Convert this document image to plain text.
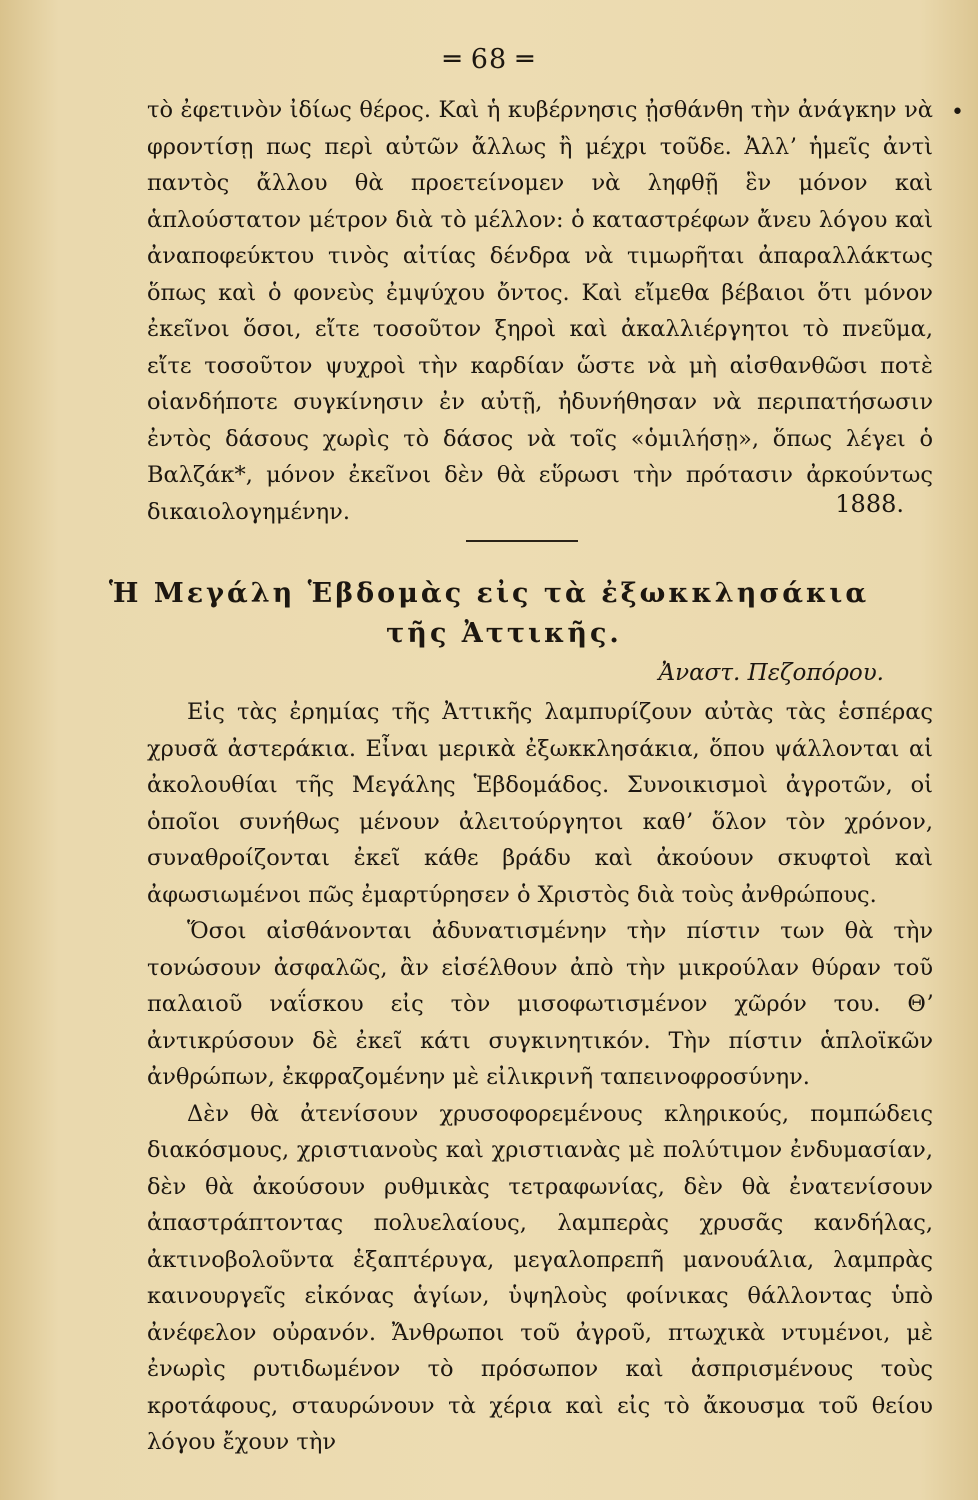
═ 68 ═
•

τὸ ἐφετινὸν ἰδίως θέρος. Καὶ ἡ κυβέρνησις ᾐσθάνθη τὴν ἀνάγκην νὰ φροντίσῃ πως περὶ αὐτῶν ἄλλως ἢ μέχρι τοῦδε. Ἀλλʼ ἡμεῖς ἀντὶ παντὸς ἄλλου θὰ προετείνομεν νὰ ληφθῇ ἓν μόνον καὶ ἁπλούστατον μέτρον διὰ τὸ μέλλον: ὁ καταστρέφων ἄνευ λόγου καὶ ἀναποφεύκτου τινὸς αἰτίας δένδρα νὰ τιμωρῆται ἀπαραλλάκτως ὅπως καὶ ὁ φονεὺς ἐμψύχου ὄντος. Καὶ εἴμεθα βέβαιοι ὅτι μόνον ἐκεῖνοι ὅσοι, εἴτε τοσοῦτον ξηροὶ καὶ ἀκαλλιέργητοι τὸ πνεῦμα, εἴτε τοσοῦτον ψυχροὶ τὴν καρδίαν ὥστε νὰ μὴ αἰσθανθῶσι ποτὲ οἱανδήποτε συγκίνησιν ἐν αὐτῇ, ἠδυνήθησαν νὰ περιπατήσωσιν ἐντὸς δάσους χωρὶς τὸ δάσος νὰ τοῖς «ὁμιλήσῃ», ὅπως λέγει ὁ Βαλζάκ*, μόνον ἐκεῖνοι δὲν θὰ εὕρωσι τὴν πρότασιν ἀρκούντως δικαιολογημένην.	1888.
Ἡ Μεγάλη Ἑβδομὰς εἰς τὰ ἐξωκκλησάκια
τῆς Ἀττικῆς.
Ἀναστ. Πεζοπόρου.

Εἰς τὰς ἐρημίας τῆς Ἀττικῆς λαμπυρίζουν αὐτὰς τὰς ἑσπέρας χρυσᾶ ἀστεράκια. Εἶναι μερικὰ ἐξωκκλησάκια, ὅπου ψάλλονται αἱ ἀκολουθίαι τῆς Μεγάλης Ἑβδομάδος. Συνοικισμοὶ ἀγροτῶν, οἱ ὁποῖοι συνήθως μένουν ἀλειτούργητοι καθʼ ὅλον τὸν χρόνον, συναθροίζονται ἐκεῖ κάθε βράδυ καὶ ἀκούουν σκυφτοὶ καὶ ἀφωσιωμένοι πῶς ἐμαρτύρησεν ὁ Χριστὸς διὰ τοὺς ἀνθρώπους.

Ὅσοι αἰσθάνονται ἀδυνατισμένην τὴν πίστιν των θὰ τὴν τονώσουν ἀσφαλῶς, ἂν εἰσέλθουν ἀπὸ τὴν μικρούλαν θύραν τοῦ παλαιοῦ ναΐσκου εἰς τὸν μισοφωτισμένον χῶρόν του. Θʼ ἀντικρύσουν δὲ ἐκεῖ κάτι συγκινητικόν. Τὴν πίστιν ἁπλοϊκῶν ἀνθρώπων, ἐκφραζομένην μὲ εἰλικρινῆ ταπεινοφροσύνην.

Δὲν θὰ ἀτενίσουν χρυσοφορεμένους κληρικούς, πομπώδεις διακόσμους, χριστιανοὺς καὶ χριστιανὰς μὲ πολύτιμον ἐνδυμασίαν, δὲν θὰ ἀκούσουν ρυθμικὰς τετραφωνίας, δὲν θὰ ἐνατενίσουν ἀπαστράπτοντας πολυελαίους, λαμπερὰς χρυσᾶς κανδήλας, ἀκτινοβολοῦντα ἑξαπτέρυγα, μεγαλοπρεπῆ μανουάλια, λαμπρὰς καινουργεῖς εἰκόνας ἁγίων, ὑψηλοὺς φοίνικας θάλλοντας ὑπὸ ἀνέφελον οὐρανόν. Ἄνθρωποι τοῦ ἀγροῦ, πτωχικὰ ντυμένοι, μὲ ἐνωρὶς ρυτιδωμένον τὸ πρόσωπον καὶ ἀσπρισμένους τοὺς κροτάφους, σταυρώνουν τὰ χέρια καὶ εἰς τὸ ἄκουσμα τοῦ θείου λόγου ἔχουν τὴν
